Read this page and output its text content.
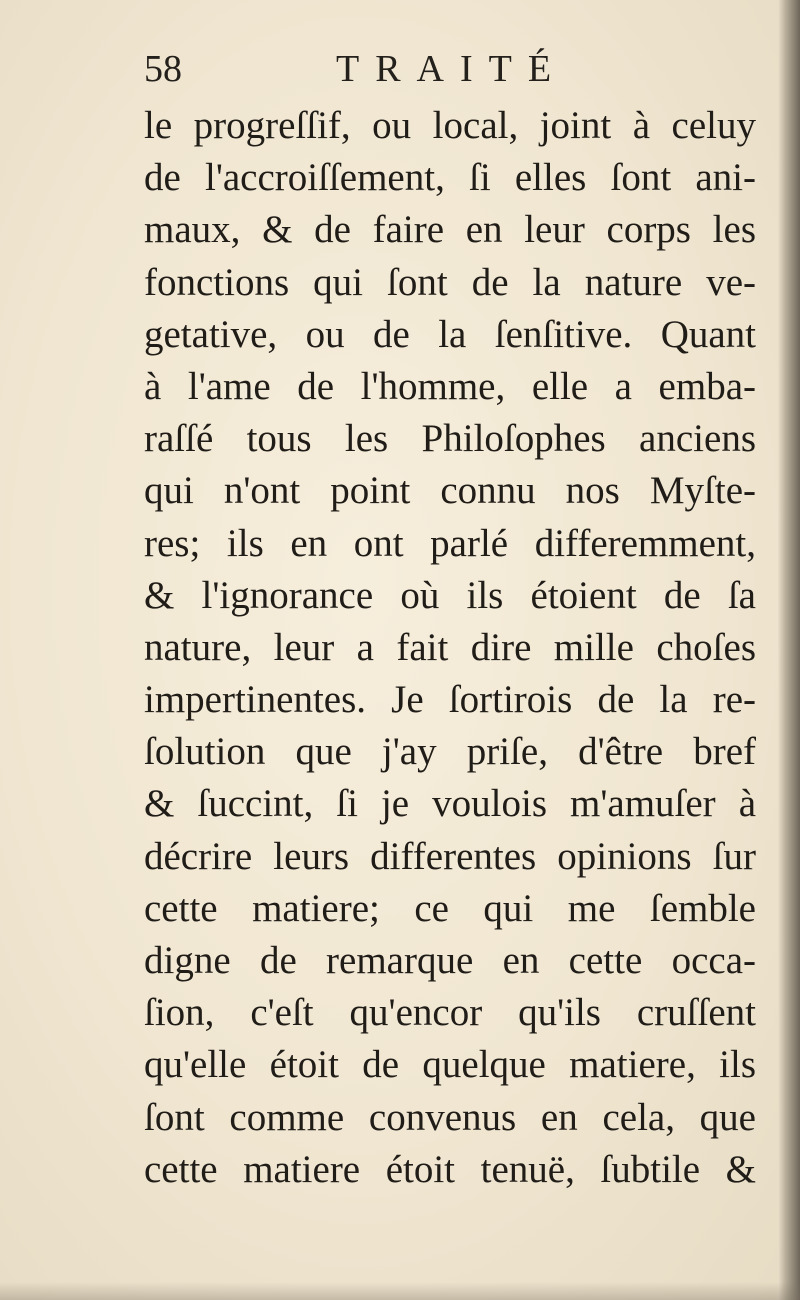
58	TRAITÉ
le progreſſif, ou local, joint à celuy
de l'accroiſſement, ſi elles ſont ani-
maux, & de faire en leur corps les
fonctions qui ſont de la nature ve-
getative, ou de la ſenſitive. Quant
à l'ame de l'homme, elle a emba-
raſſé tous les Philoſophes anciens
qui n'ont point connu nos Myſte-
res; ils en ont parlé differemment,
& l'ignorance où ils étoient de ſa
nature, leur a fait dire mille choſes
impertinentes. Je ſortirois de la re-
ſolution que j'ay priſe, d'être bref
& ſuccint, ſi je voulois m'amuſer à
décrire leurs differentes opinions ſur
cette matiere; ce qui me ſemble
digne de remarque en cette occa-
ſion, c'eſt qu'encor qu'ils cruſſent
qu'elle étoit de quelque matiere, ils
ſont comme convenus en cela, que
cette matiere étoit tenuë, ſubtile &
